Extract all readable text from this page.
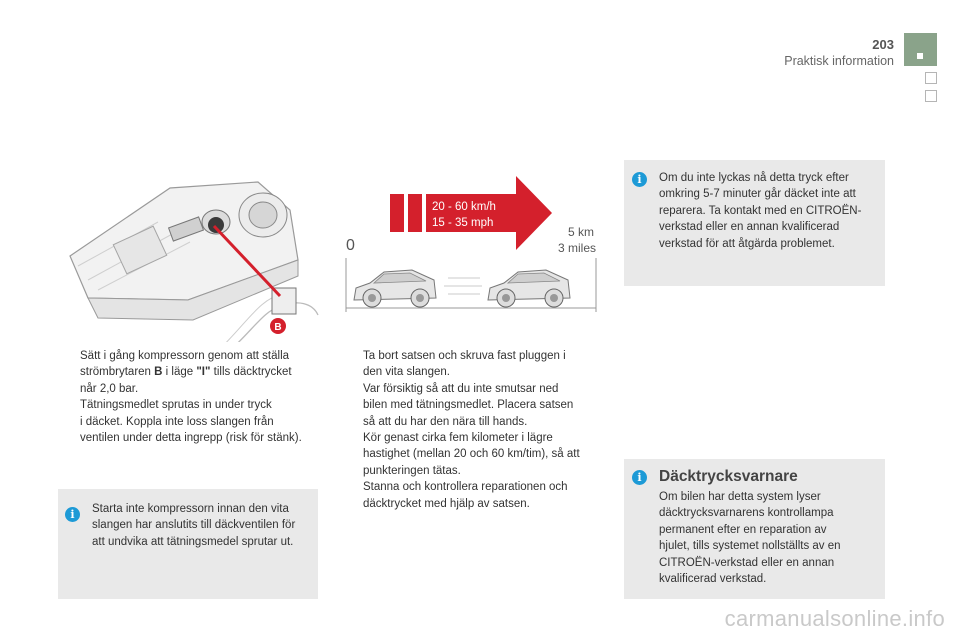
203
Praktisk information
B
20 - 60 km/h
15 - 35 mph
0
5 km
3 miles
Sätt i gång kompressorn genom att ställa
strömbrytaren B i läge "I" tills däcktrycket
når 2,0 bar.
Tätningsmedlet sprutas in under tryck
i däcket. Koppla inte loss slangen från
ventilen under detta ingrepp (risk för stänk).
i	Starta inte kompressorn innan den vita
slangen har anslutits till däckventilen för
att undvika att tätningsmedel sprutar ut.
Ta bort satsen och skruva fast pluggen i
den vita slangen.
Var försiktig så att du inte smutsar ned
bilen med tätningsmedlet. Placera satsen
så att du har den nära till hands.
Kör genast cirka fem kilometer i lägre
hastighet (mellan 20 och 60 km/tim), så att
punkteringen tätas.
Stanna och kontrollera reparationen och
däcktrycket med hjälp av satsen.
i	Om du inte lyckas nå detta tryck efter
omkring 5-7 minuter går däcket inte att
reparera. Ta kontakt med en CITROËN-
verkstad eller en annan kvalificerad
verkstad för att åtgärda problemet.
i	Däcktrycksvarnare
Om bilen har detta system lyser
däcktrycksvarnarens kontrollampa
permanent efter en reparation av
hjulet, tills systemet nollställts av en
CITROËN-verkstad eller en annan
kvalificerad verkstad.
carmanualsonline.info
